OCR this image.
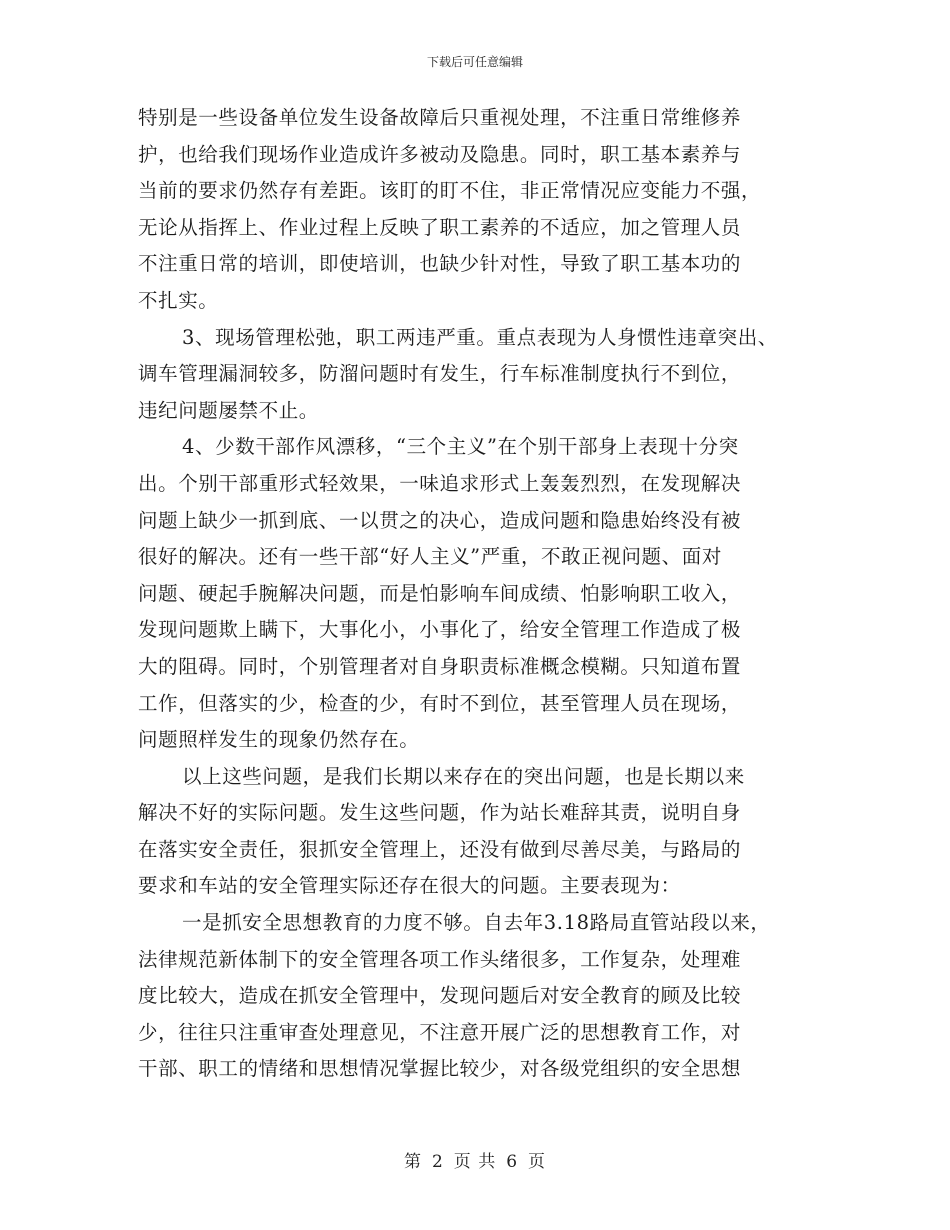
下载后可任意编辑
特别是一些设备单位发生设备故障后只重视处理，不注重日常维修养
护，也给我们现场作业造成许多被动及隐患。同时，职工基本素养与
当前的要求仍然存有差距。该盯的盯不住，非正常情况应变能力不强，
无论从指挥上、作业过程上反映了职工素养的不适应，加之管理人员
不注重日常的培训，即使培训，也缺少针对性，导致了职工基本功的
不扎实。
3、现场管理松弛，职工两违严重。重点表现为人身惯性违章突出、
调车管理漏洞较多，防溜问题时有发生，行车标准制度执行不到位，
违纪问题屡禁不止。
4、少数干部作风漂移，“三个主义”在个别干部身上表现十分突
出。个别干部重形式轻效果，一味追求形式上轰轰烈烈，在发现解决
问题上缺少一抓到底、一以贯之的决心，造成问题和隐患始终没有被
很好的解决。还有一些干部“好人主义”严重，不敢正视问题、面对
问题、硬起手腕解决问题，而是怕影响车间成绩、怕影响职工收入，
发现问题欺上瞒下，大事化小，小事化了，给安全管理工作造成了极
大的阻碍。同时，个别管理者对自身职责标准概念模糊。只知道布置
工作，但落实的少，检查的少，有时不到位，甚至管理人员在现场，
问题照样发生的现象仍然存在。
以上这些问题，是我们长期以来存在的突出问题，也是长期以来
解决不好的实际问题。发生这些问题，作为站长难辞其责，说明自身
在落实安全责任，狠抓安全管理上，还没有做到尽善尽美，与路局的
要求和车站的安全管理实际还存在很大的问题。主要表现为：
一是抓安全思想教育的力度不够。自去年3.18路局直管站段以来，
法律规范新体制下的安全管理各项工作头绪很多，工作复杂，处理难
度比较大，造成在抓安全管理中，发现问题后对安全教育的顾及比较
少，往往只注重审查处理意见，不注意开展广泛的思想教育工作，对
干部、职工的情绪和思想情况掌握比较少，对各级党组织的安全思想
第 2 页 共 6 页
